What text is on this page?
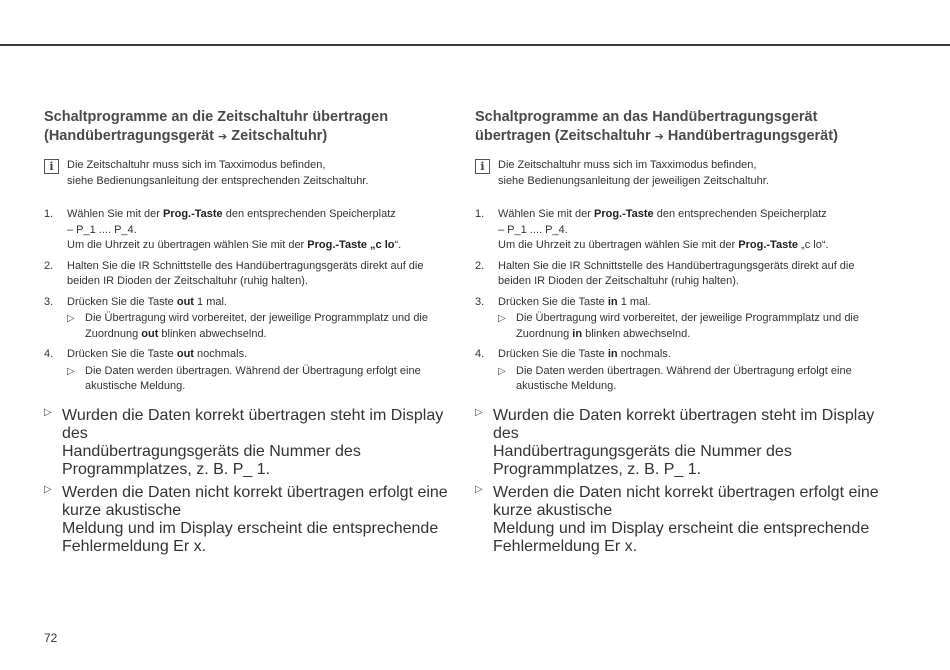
Schaltprogramme an die Zeitschaltuhr übertragen
(Handübertragungsgerät ➔ Zeitschaltuhr)
i	Die Zeitschaltuhr muss sich im Taxximodus befinden,
siehe Bedienungsanleitung der entsprechenden Zeitschaltuhr.
1. Wählen Sie mit der Prog.-Taste den entsprechenden Speicherplatz
– P_1 .... P_4.
Um die Uhrzeit zu übertragen wählen Sie mit der Prog.-Taste „c lo“.
2. Halten Sie die IR Schnittstelle des Handübertragungsgeräts direkt auf die
beiden IR Dioden der Zeitschaltuhr (ruhig halten).
3. Drücken Sie die Taste out 1 mal.
▷ Die Übertragung wird vorbereitet, der jeweilige Programmplatz und die
Zuordnung out blinken abwechselnd.
4. Drücken Sie die Taste out nochmals.
▷ Die Daten werden übertragen. Während der Übertragung erfolgt eine
akustische Meldung.
▷ Wurden die Daten korrekt übertragen steht im Display des
Handübertragungsgeräts die Nummer des Programmplatzes, z. B. P_ 1.
▷ Werden die Daten nicht korrekt übertragen erfolgt eine kurze akustische
Meldung und im Display erscheint die entsprechende Fehlermeldung Er x.
Schaltprogramme an das Handübertragungsgerät
übertragen (Zeitschaltuhr ➔ Handübertragungsgerät)
i	Die Zeitschaltuhr muss sich im Taxximodus befinden,
siehe Bedienungsanleitung der jeweiligen Zeitschaltuhr.
1. Wählen Sie mit der Prog.-Taste den entsprechenden Speicherplatz
– P_1 .... P_4.
Um die Uhrzeit zu übertragen wählen Sie mit der Prog.-Taste „c lo“.
2. Halten Sie die IR Schnittstelle des Handübertragungsgeräts direkt auf die
beiden IR Dioden der Zeitschaltuhr (ruhig halten).
3. Drücken Sie die Taste in 1 mal.
▷ Die Übertragung wird vorbereitet, der jeweilige Programmplatz und die
Zuordnung in blinken abwechselnd.
4. Drücken Sie die Taste in nochmals.
▷ Die Daten werden übertragen. Während der Übertragung erfolgt eine
akustische Meldung.
▷ Wurden die Daten korrekt übertragen steht im Display des
Handübertragungsgeräts die Nummer des Programmplatzes, z. B. P_ 1.
▷ Werden die Daten nicht korrekt übertragen erfolgt eine kurze akustische
Meldung und im Display erscheint die entsprechende Fehlermeldung Er x.
72
